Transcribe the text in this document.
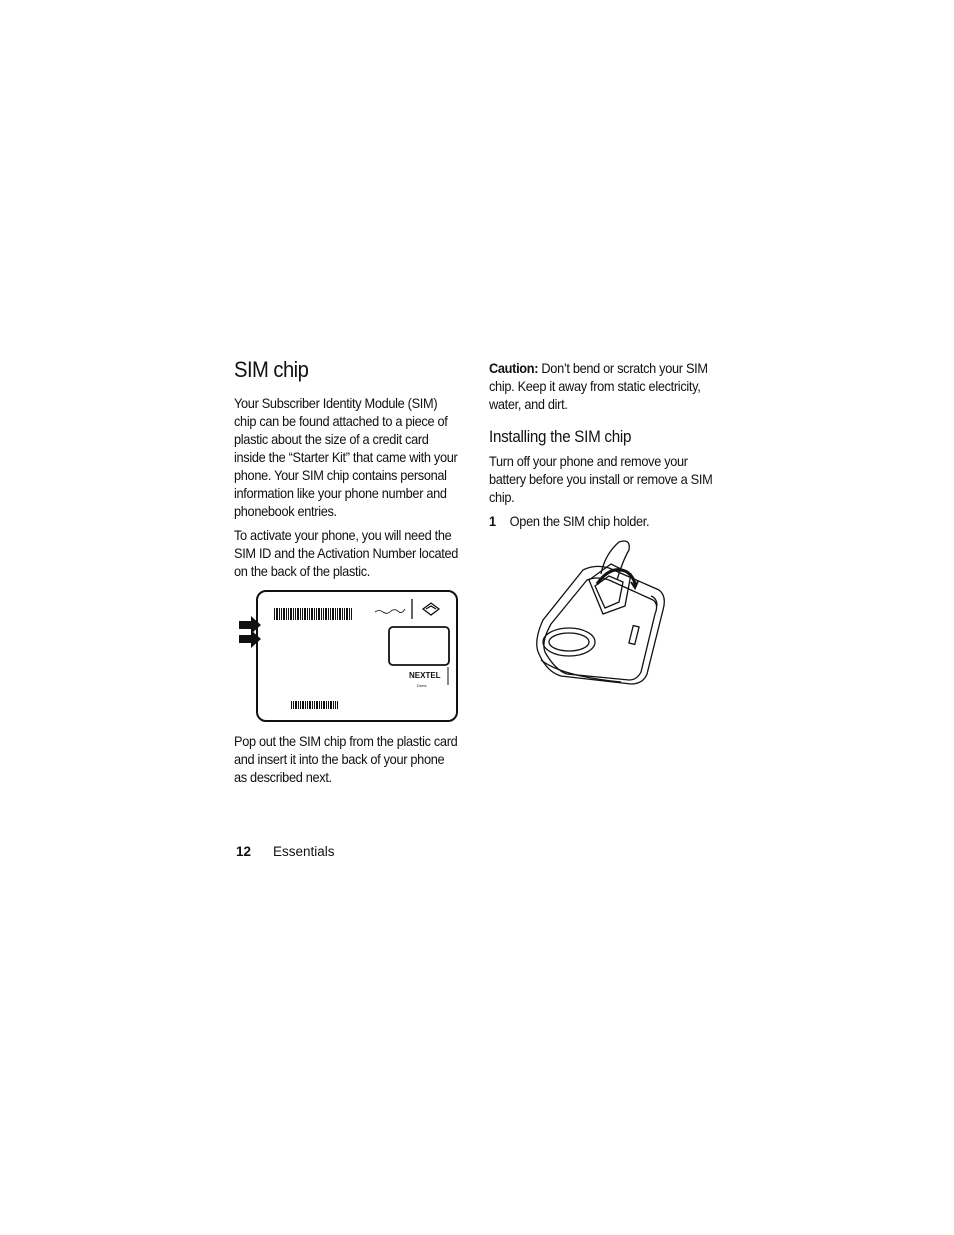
SIM chip

Your Subscriber Identity Module (SIM) chip can be found attached to a piece of plastic about the size of a credit card inside the “Starter Kit” that came with your phone. Your SIM chip contains personal information like your phone number and phonebook entries.

To activate your phone, you will need the SIM ID and the Activation Number located on the back of the plastic.

NEXTEL
Done

Pop out the SIM chip from the plastic card and insert it into the back of your phone as described next.

Caution: Don’t bend or scratch your SIM chip. Keep it away from static electricity, water, and dirt.

Installing the SIM chip

Turn off your phone and remove your battery before you install or remove a SIM chip.

1	Open the SIM chip holder.
12 Essentials
